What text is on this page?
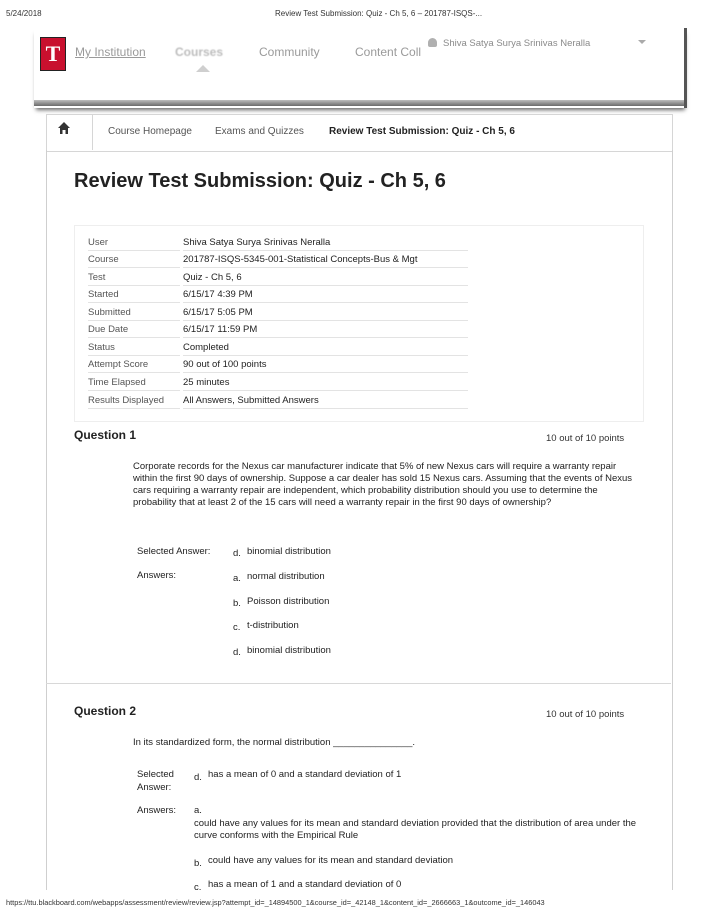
5/24/2018	Review Test Submission: Quiz - Ch 5, 6 – 201787-ISQS-...
T	My Institution Courses	Community	Content Coll
Shiva Satya Surya Srinivas Neralla
Course Homepage Exams and Quizzes	Review Test Submission: Quiz - Ch 5, 6
Review Test Submission: Quiz - Ch 5, 6
User	Shiva Satya Surya Srinivas Neralla
Course	201787-ISQS-5345-001-Statistical Concepts-Bus & Mgt
Test	Quiz - Ch 5, 6
Started	6/15/17 4:39 PM
Submitted	6/15/17 5:05 PM
Due Date	6/15/17 11:59 PM
Status	Completed
Attempt Score	90 out of 100 points
Time Elapsed	25 minutes
Results Displayed	All Answers, Submitted Answers
Question 1	10 out of 10 points
Corporate records for the Nexus car manufacturer indicate that 5% of new Nexus cars will require a warranty repair within the first 90 days of ownership. Suppose a car dealer has sold 15 Nexus cars. Assuming that the events of Nexus cars requiring a warranty repair are independent, which probability distribution should you use to determine the probability that at least 2 of the 15 cars will need a warranty repair in the first 90 days of ownership?
Selected Answer: d. binomial distribution
Answers:	a. normal distribution
b. Poisson distribution
c. t-distribution
d. binomial distribution
Question 2	10 out of 10 points
In its standardized form, the normal distribution _______________.
Selected
Answer:
d. has a mean of 0 and a standard deviation of 1
Answers: a.
could have any values for its mean and standard deviation provided that the distribution of area under the curve conforms with the Empirical Rule
b. could have any values for its mean and standard deviation
c. has a mean of 1 and a standard deviation of 0
https://ttu.blackboard.com/webapps/assessment/review/review.jsp?attempt_id=_14894500_1&course_id=_42148_1&content_id=_2666663_1&outcome_id=_146043
